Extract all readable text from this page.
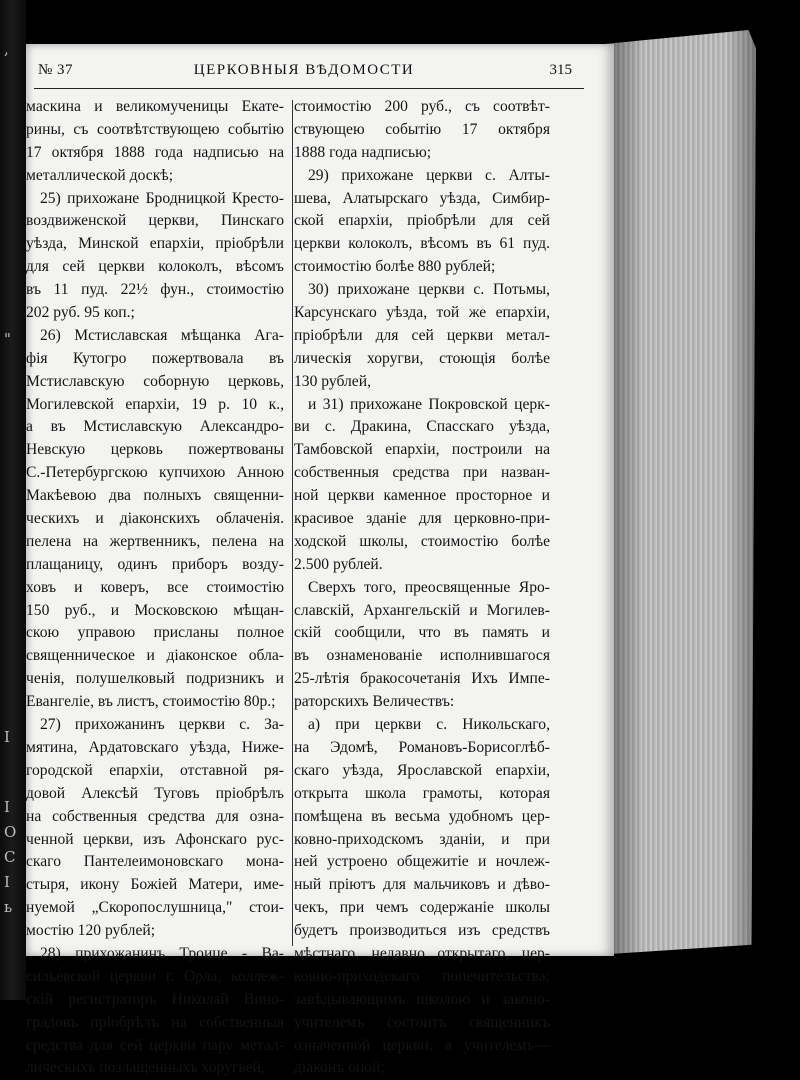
,
"
I
I
О
C
I
ь
№ 37	ЦЕРКОВНЫЯ ВѢДОМОСТИ	315
мaскина и великомученицы Екате-
рины, съ соотвѣтствующею событію
17 октября 1888 года надписью на
металлической доскѣ;
25) прихожане Бродницкой Кресто-
воздвиженской церкви, Пинскаго
уѣзда, Минской епархіи, пріобрѣли
для сей церкви колоколъ, вѣсомъ
въ 11 пуд. 22½ фун., стоимостію
202 руб. 95 коп.;
26) Мстиславская мѣщанка Ага-
фія Кутогро пожертвовала въ
Мстиславскую соборную церковь,
Могилевской епархіи, 19 р. 10 к.,
а въ Мстиславскую Александро-
Невскую церковь пожертвованы
С.-Петербургскою купчихою Анною
Макѣевою два полныхъ священни-
ческихъ и діаконскихъ облаченія.
пелена на жертвенникъ, пелена на
плащаницу, одинъ приборъ возду-
ховъ и коверъ, все стоимостію
150 руб., и Московскою мѣщан-
скою управою присланы полное
священническое и діаконское обла-
ченія, полушелковый подризникъ и
Евангеліе, въ листъ, стоимостію 80р.;
27) прихожанинъ церкви с. За-
мятина, Ардатовскаго уѣзда, Ниже-
городской епархіи, отставной ря-
довой Алексѣй Туговъ пріобрѣлъ
на собственныя средства для озна-
ченной церкви, изъ Афонскаго рус-
скаго Пантелеимоновскаго мона-
стыря, икону Божіей Матери, име-
нуемой „Скоропослушница," стои-
мостію 120 рублей;
28) прихожанинъ Троице - Ва-
сильевской церкви г. Орла, коллеж-
скій регистраторъ Николай Вино-
градовъ пріобрѣлъ на собственныя
средства для сей церкви пару метал-
лическихъ позлащенныхъ хоругвей,
стоимостію 200 руб., съ соотвѣт-
ствующею событію 17 октября
1888 года надписью;
29) прихожане церкви с. Алты-
шева, Алатырскаго уѣзда, Симбир-
ской епархіи, пріобрѣли для сей
церкви колоколъ, вѣсомъ въ 61 пуд.
стоимостію болѣе 880 рублей;
30) прихожане церкви с. Потьмы,
Карсунскаго уѣзда, той же епархіи,
пріобрѣли для сей церкви метал-
лическія хоругви, стоющія болѣе
130 рублей,
и 31) прихожане Покровской церк-
ви с. Дракина, Спасскаго уѣзда,
Тамбовской епархіи, построили на
собственныя средства при назван-
ной церкви каменное просторное и
красивое зданіе для церковно-при-
ходской школы, стоимостію болѣе
2.500 рублей.
Сверхъ того, преосвященные Яро-
славскій, Архангельскій и Могилев-
скій сообщили, что въ память и
въ ознаменованіе исполнившагося
25-лѣтія бракосочетанія Ихъ Импе-
раторскихъ Величествъ:
а) при церкви с. Никольскаго,
на Эдомѣ, Романовъ-Борисоглѣб-
скаго уѣзда, Ярославской епархіи,
открыта школа грамоты, которая
помѣщена въ весьма удобномъ цер-
ковно-приходскомъ зданіи, и при
ней устроено общежитіе и ночлеж-
ный пріютъ для мальчиковъ и дѣво-
чекъ, при чемъ содержаніе школы
будетъ производиться изъ средствъ
мѣстнаго, недавно открытаго, цер-
ковно-приходскаго попечительства;
завѣдывающимъ школою и законо-
учителемъ состоитъ священникъ
означенной церкви, а учителемъ—
діаконъ оной;
